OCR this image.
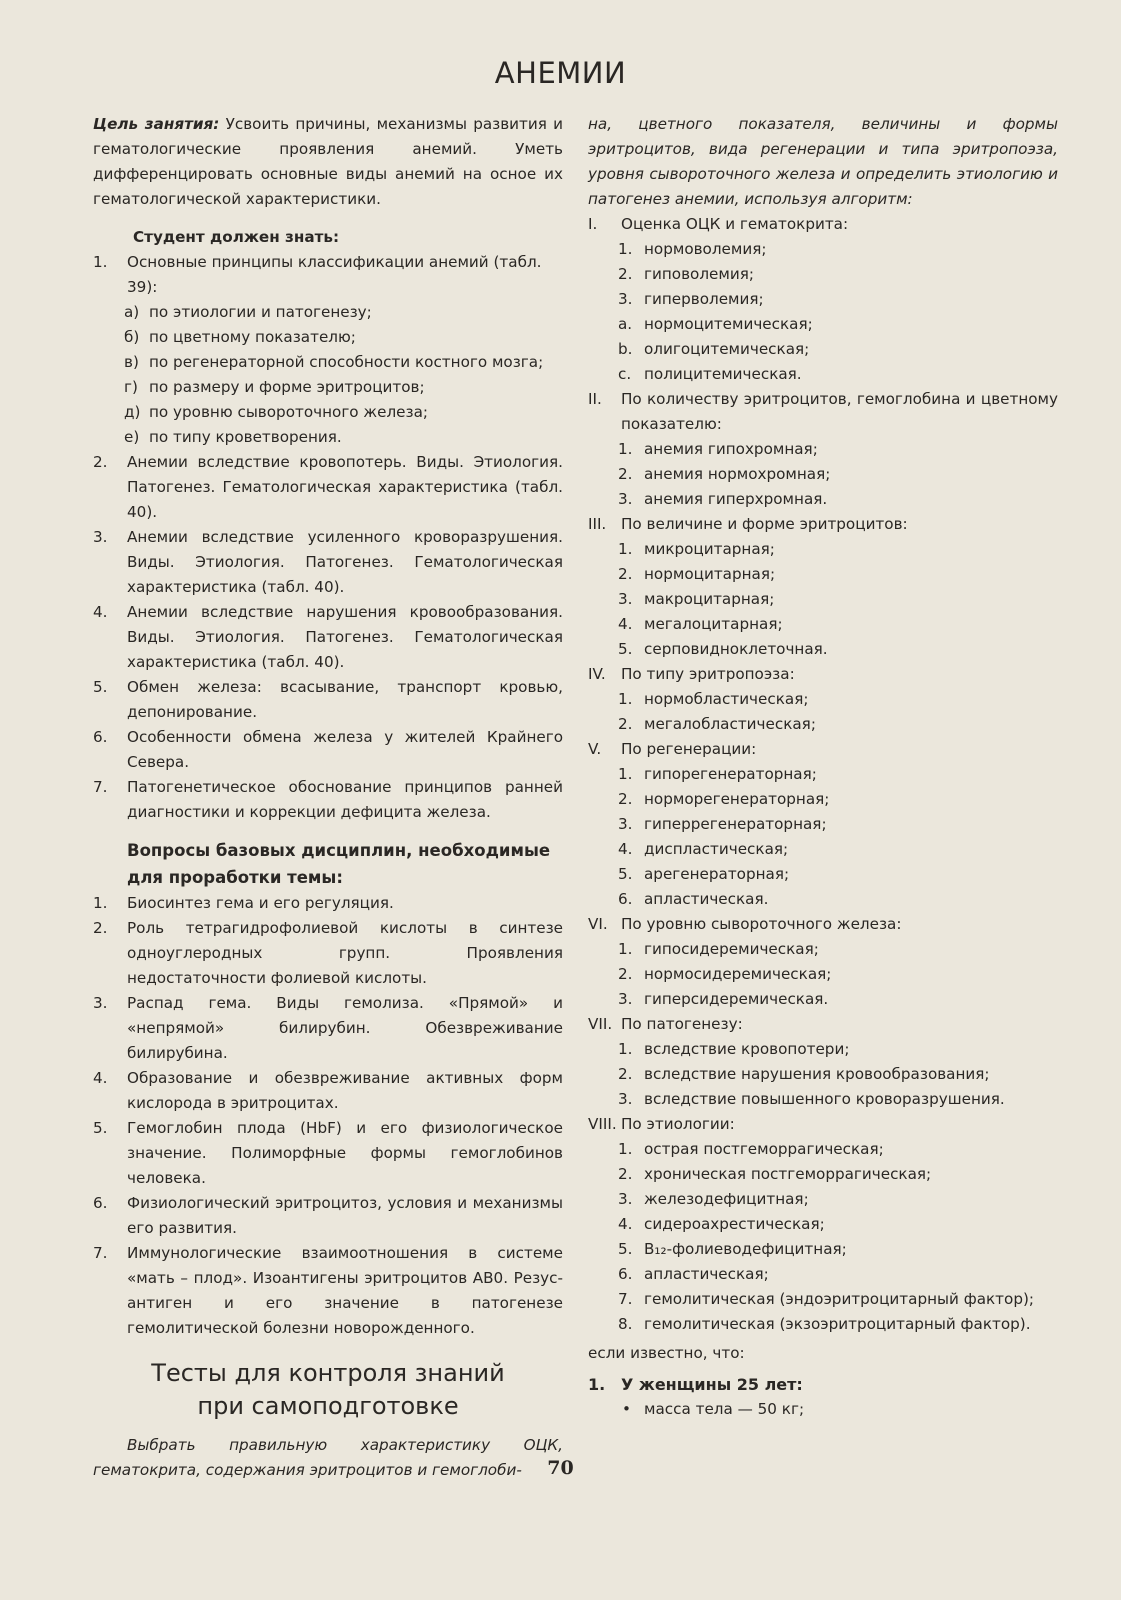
АНЕМИИ

Цель занятия: Усвоить причины, механизмы развития и гематологические проявления анемий. Уметь дифференцировать основные виды анемий на осное их гематологической характеристики.

Студент должен знать:
1. Основные принципы классификации анемий (табл. 39):
а) по этиологии и патогенезу;
б) по цветному показателю;
в) по регенераторной способности костного мозга;
г) по размеру и форме эритроцитов;
д) по уровню сывороточного железа;
е) по типу кроветворения.
2. Анемии вследствие кровопотерь. Виды. Этиология. Патогенез. Гематологическая характеристика (табл. 40).
3. Анемии вследствие усиленного кроворазрушения. Виды. Этиология. Патогенез. Гематологическая характеристика (табл. 40).
4. Анемии вследствие нарушения кровообразования. Виды. Этиология. Патогенез. Гематологическая характеристика (табл. 40).
5. Обмен железа: всасывание, транспорт кровью, депонирование.
6. Особенности обмена железа у жителей Крайнего Севера.
7. Патогенетическое обоснование принципов ранней диагностики и коррекции дефицита железа.
Вопросы базовых дисциплин, необходимые для проработки темы:
1. Биосинтез гема и его регуляция.
2. Роль тетрагидрофолиевой кислоты в синтезе одноуглеродных групп. Проявления недостаточности фолиевой кислоты.
3. Распад гема. Виды гемолиза. «Прямой» и «непрямой» билирубин. Обезвреживание билирубина.
4. Образование и обезвреживание активных форм кислорода в эритроцитах.
5. Гемоглобин плода (HbF) и его физиологическое значение. Полиморфные формы гемоглобинов человека.
6. Физиологический эритроцитоз, условия и механизмы его развития.
7. Иммунологические взаимоотношения в системе «мать – плод». Изоантигены эритроцитов АВ0. Резус-антиген и его значение в патогенезе гемолитической болезни новорожденного.
Тесты для контроля знаний
при самоподготовке

Выбрать правильную характеристику ОЦК, гематокрита, содержания эритроцитов и гемоглоби-

на, цветного показателя, величины и формы эритроцитов, вида регенерации и типа эритропоэза, уровня сывороточного железа и определить этиологию и патогенез анемии, используя алгоритм:

I. Оценка ОЦК и гематокрита:
1. нормоволемия;
2. гиповолемия;
3. гиперволемия;
a. нормоцитемическая;
b. олигоцитемическая;
c. полицитемическая.
II. По количеству эритроцитов, гемоглобина и цветному показателю:
1. анемия гипохромная;
2. анемия нормохромная;
3. анемия гиперхромная.
III. По величине и форме эритроцитов:
1. микроцитарная;
2. нормоцитарная;
3. макроцитарная;
4. мегалоцитарная;
5. серповидноклеточная.
IV. По типу эритропоэза:
1. нормобластическая;
2. мегалобластическая;
V. По регенерации:
1. гипорегенераторная;
2. норморегенераторная;
3. гиперрегенераторная;
4. диспластическая;
5. арегенераторная;
6. апластическая.
VI. По уровню сывороточного железа:
1. гипосидеремическая;
2. нормосидеремическая;
3. гиперсидеремическая.
VII. По патогенезу:
1. вследствие кровопотери;
2. вследствие нарушения кровообразования;
3. вследствие повышенного кроворазрушения.
VIII. По этиологии:
1. острая постгеморрагическая;
2. хроническая постгеморрагическая;
3. железодефицитная;
4. сидероахрестическая;
5. B₁₂-фолиеводефицитная;
6. апластическая;
7. гемолитическая (эндоэритроцитарный фактор);
8. гемолитическая (экзоэритроцитарный фактор).

если известно, что:

1. У женщины 25 лет:
• масса тела — 50 кг;
70
